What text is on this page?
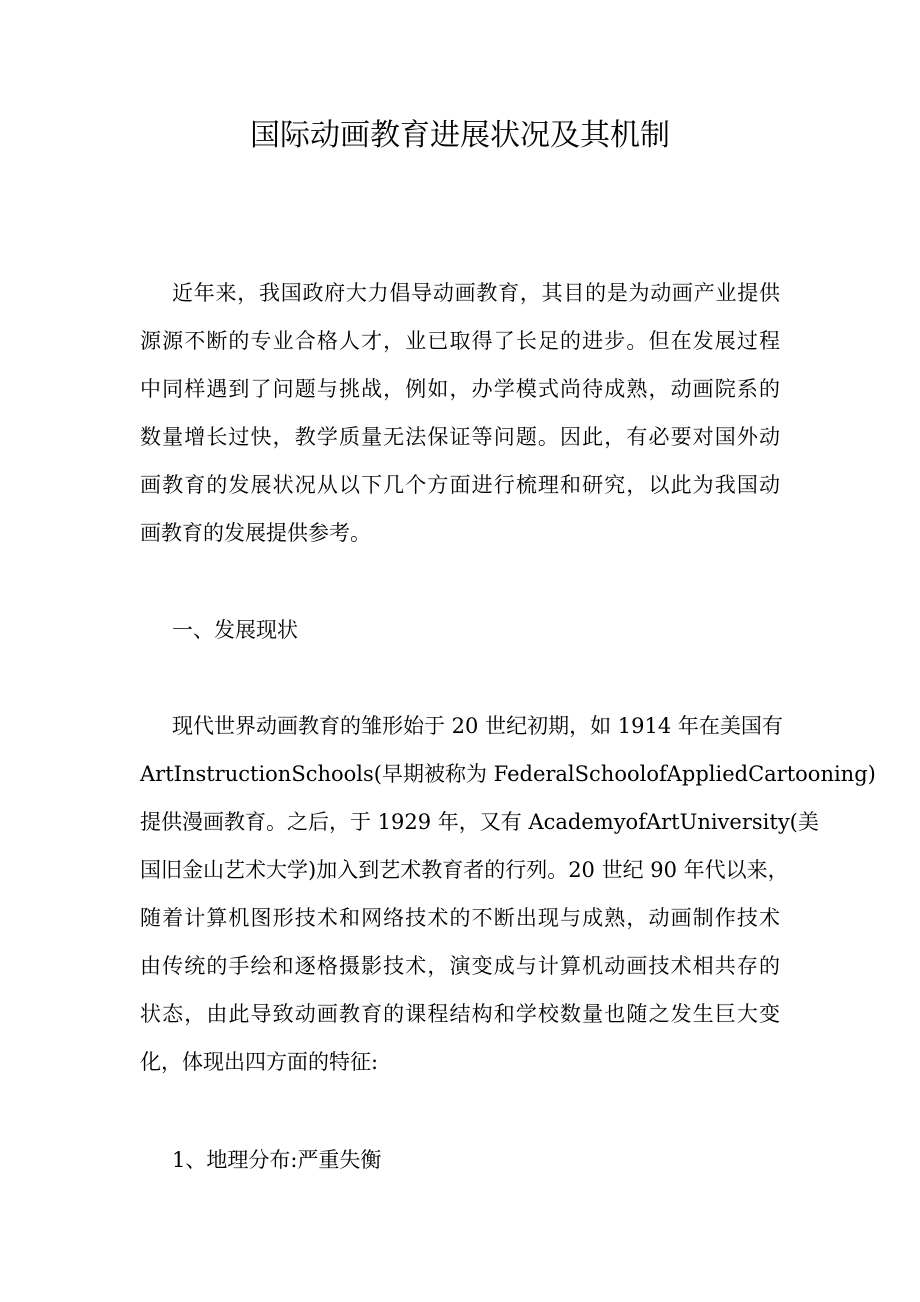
国际动画教育进展状况及其机制
近年来，我国政府大力倡导动画教育，其目的是为动画产业提供
源源不断的专业合格人才，业已取得了长足的进步。但在发展过程
中同样遇到了问题与挑战，例如，办学模式尚待成熟，动画院系的
数量增长过快，教学质量无法保证等问题。因此，有必要对国外动
画教育的发展状况从以下几个方面进行梳理和研究，以此为我国动
画教育的发展提供参考。
一、发展现状
现代世界动画教育的雏形始于 20 世纪初期，如 1914 年在美国有
ArtInstructionSchools(早期被称为 FederalSchoolofAppliedCartooning)
提供漫画教育。之后，于 1929 年，又有 AcademyofArtUniversity(美
国旧金山艺术大学)加入到艺术教育者的行列。20 世纪 90 年代以来，
随着计算机图形技术和网络技术的不断出现与成熟，动画制作技术
由传统的手绘和逐格摄影技术，演变成与计算机动画技术相共存的
状态，由此导致动画教育的课程结构和学校数量也随之发生巨大变
化，体现出四方面的特征:
1、地理分布:严重失衡
